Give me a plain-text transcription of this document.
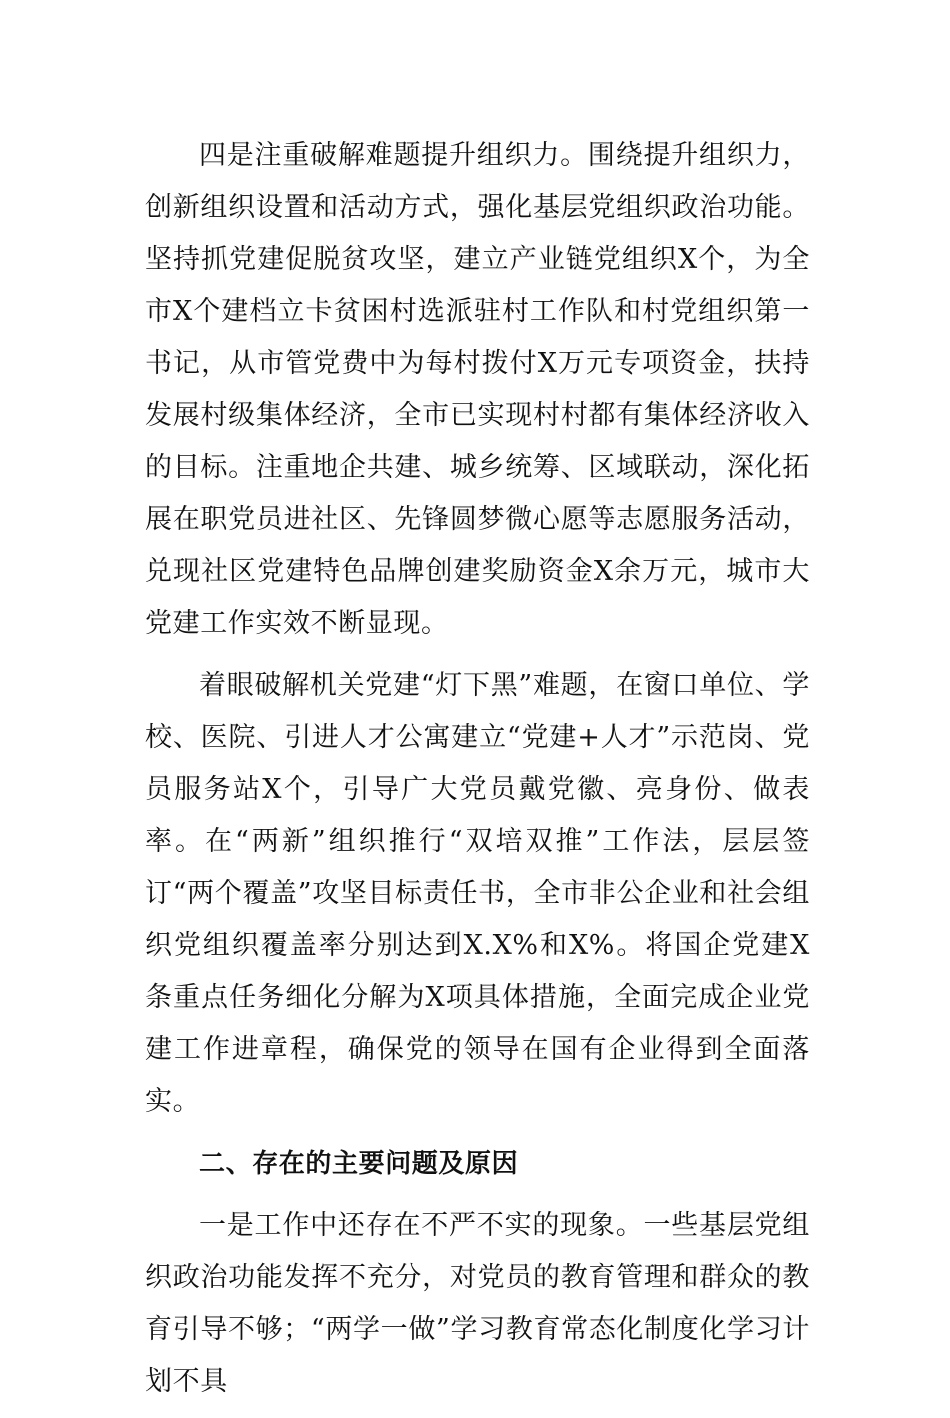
四是注重破解难题提升组织力。围绕提升组织力，创新组织设置和活动方式，强化基层党组织政治功能。坚持抓党建促脱贫攻坚，建立产业链党组织X个，为全市X个建档立卡贫困村选派驻村工作队和村党组织第一书记，从市管党费中为每村拨付X万元专项资金，扶持发展村级集体经济，全市已实现村村都有集体经济收入的目标。注重地企共建、城乡统筹、区域联动，深化拓展在职党员进社区、先锋圆梦微心愿等志愿服务活动，兑现社区党建特色品牌创建奖励资金X余万元，城市大党建工作实效不断显现。

着眼破解机关党建“灯下黑”难题，在窗口单位、学校、医院、引进人才公寓建立“党建+人才”示范岗、党员服务站X个，引导广大党员戴党徽、亮身份、做表率。在“两新”组织推行“双培双推”工作法，层层签订“两个覆盖”攻坚目标责任书，全市非公企业和社会组织党组织覆盖率分别达到X.X%和X%。将国企党建X条重点任务细化分解为X项具体措施，全面完成企业党建工作进章程，确保党的领导在国有企业得到全面落实。

二、存在的主要问题及原因

一是工作中还存在不严不实的现象。一些基层党组织政治功能发挥不充分，对党员的教育管理和群众的教育引导不够；“两学一做”学习教育常态化制度化学习计划不具
